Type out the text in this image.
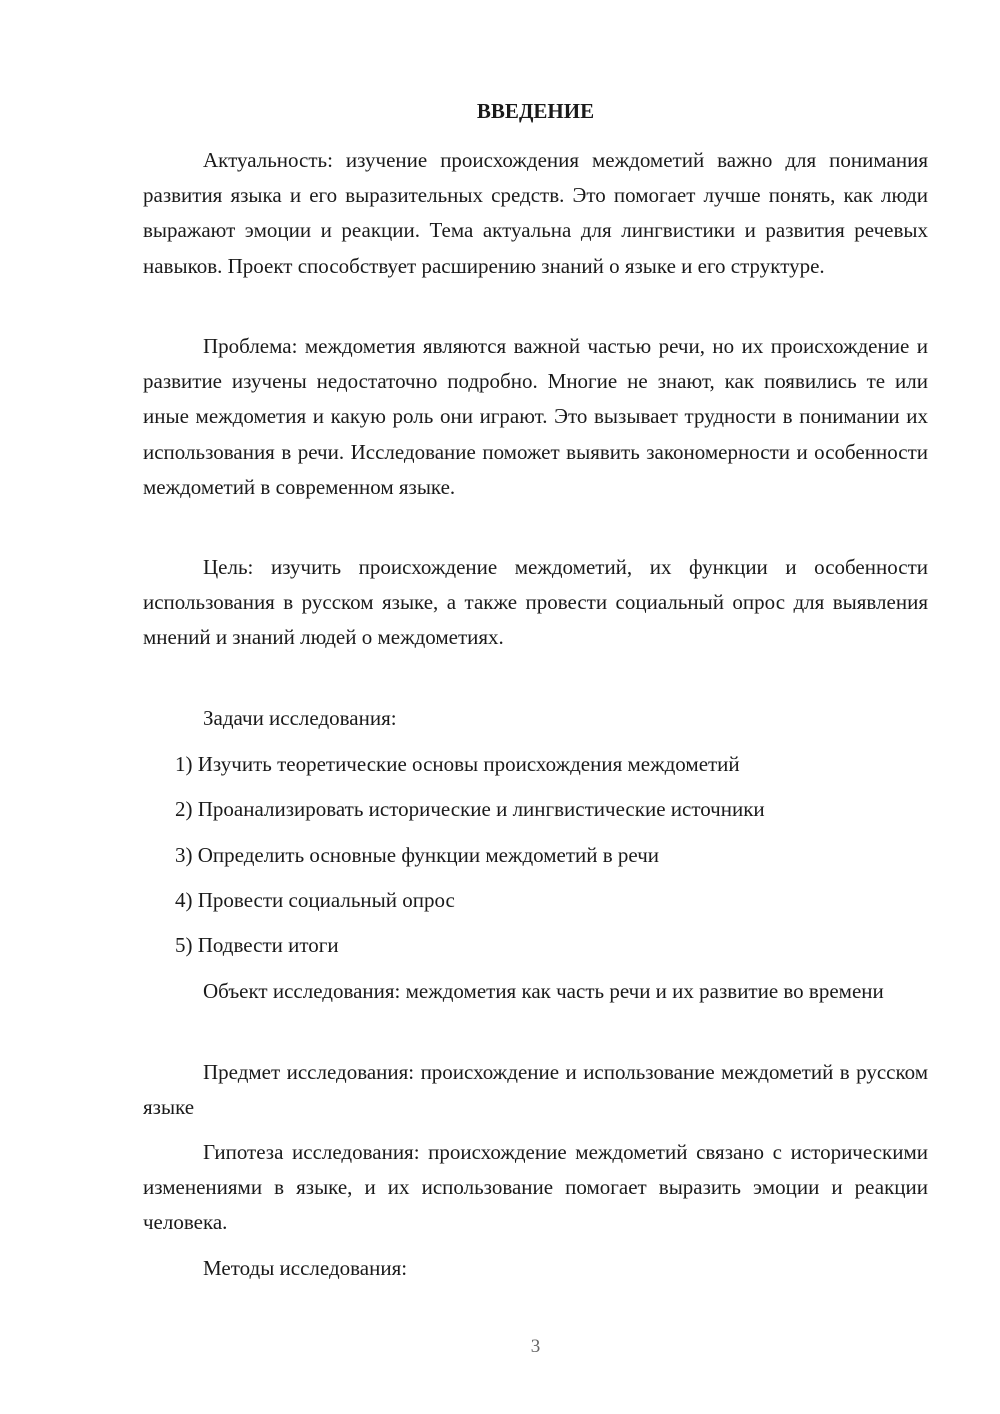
ВВЕДЕНИЕ

Актуальность: изучение происхождения междометий важно для понимания развития языка и его выразительных средств. Это помогает лучше понять, как люди выражают эмоции и реакции. Тема актуальна для лингвистики и развития речевых навыков. Проект способствует расширению знаний о языке и его структуре.

Проблема: междометия являются важной частью речи, но их происхождение и развитие изучены недостаточно подробно. Многие не знают, как появились те или иные междометия и какую роль они играют. Это вызывает трудности в понимании их использования в речи. Исследование поможет выявить закономерности и особенности междометий в современном языке.

Цель: изучить происхождение междометий, их функции и особенности использования в русском языке, а также провести социальный опрос для выявления мнений и знаний людей о междометиях.

Задачи исследования:

1) Изучить теоретические основы происхождения междометий

2) Проанализировать исторические и лингвистические источники

3) Определить основные функции междометий в речи

4) Провести социальный опрос

5) Подвести итоги

Объект исследования: междометия как часть речи и их развитие во времени

Предмет исследования: происхождение и использование междометий в русском языке

Гипотеза исследования: происхождение междометий связано с историческими изменениями в языке, и их использование помогает выразить эмоции и реакции человека.

Методы исследования:

3
